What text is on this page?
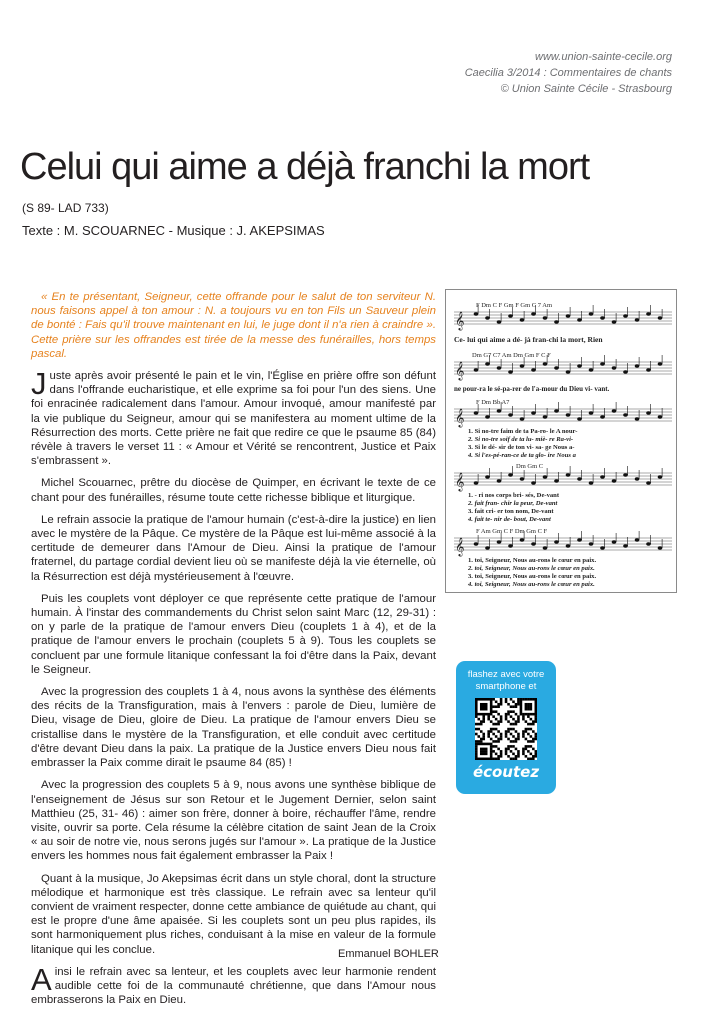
www.union-sainte-cecile.org
Caecilia 3/2014 : Commentaires de chants
© Union Sainte Cécile - Strasbourg
Celui qui aime a déjà franchi la mort
(S 89- LAD 733)
Texte : M. SCOUARNEC - Musique : J. AKEPSIMAS

« En te présentant, Seigneur, cette offrande pour le salut de ton serviteur N. nous faisons appel à ton amour : N. a toujours vu en ton Fils un Sauveur plein de bonté : Fais qu'il trouve maintenant en lui, le juge dont il n'a rien à craindre ». Cette prière sur les offrandes est tirée de la messe des funérailles, hors temps pascal.

Juste après avoir présenté le pain et le vin, l'Église en prière offre son défunt dans l'offrande eucharistique, et elle exprime sa foi pour l'un des siens. Une foi enracinée radicalement dans l'amour. Amour invoqué, amour manifesté par la vie publique du Seigneur, amour qui se manifestera au moment ultime de la Résurrection des morts. Cette prière ne fait que redire ce que le psaume 85 (84) révèle à travers le verset 11 : « Amour et Vérité se rencontrent, Justice et Paix s'embrassent ».

Michel Scouarnec, prêtre du diocèse de Quimper, en écrivant le texte de ce chant pour des funérailles, résume toute cette richesse biblique et liturgique.

Le refrain associe la pratique de l'amour humain (c'est-à-dire la justice) en lien avec le mystère de la Pâque. Ce mystère de la Pâque est lui-même associé à la certitude de demeurer dans l'Amour de Dieu. Ainsi la pratique de l'amour fraternel, du partage cordial devient lieu où se manifeste déjà la vie éternelle, où la Résurrection est déjà mystérieusement à l'œuvre.

Puis les couplets vont déployer ce que représente cette pratique de l'amour humain. À l'instar des commandements du Christ selon saint Marc (12, 29-31) : on y parle de la pratique de l'amour envers Dieu (couplets 1 à 4), et de la pratique de l'amour envers le prochain (couplets 5 à 9). Tous les couplets se concluent par une formule litanique confessant la foi d'être dans la Paix, devant le Seigneur.

Avec la progression des couplets 1 à 4, nous avons la synthèse des éléments des récits de la Transfiguration, mais à l'envers : parole de Dieu, lumière de Dieu, visage de Dieu, gloire de Dieu. La pratique de l'amour envers Dieu se cristallise dans le mystère de la Transfiguration, et elle conduit avec certitude d'être devant Dieu dans la paix. La pratique de la Justice envers Dieu nous fait embrasser la Paix comme dirait le psaume 84 (85) !

Avec la progression des couplets 5 à 9, nous avons une synthèse biblique de l'enseignement de Jésus sur son Retour et le Jugement Dernier, selon saint Matthieu (25, 31- 46) : aimer son frère, donner à boire, réchauffer l'âme, rendre visite, ouvrir sa porte. Cela résume la célèbre citation de saint Jean de la Croix « au soir de notre vie, nous serons jugés sur l'amour ». La pratique de la Justice envers les hommes nous fait également embrasser la Paix !

Quant à la musique, Jo Akepsimas écrit dans un style choral, dont la structure mélodique et harmonique est très classique. Le refrain avec sa lenteur qu'il convient de vraiment respecter, donne cette ambiance de quiétude au chant, qui est le propre d'une âme apaisée. Si les couplets sont un peu plus rapides, ils sont harmoniquement plus riches, conduisant à la mise en valeur de la formule litanique qui les conclue.

Ainsi le refrain avec sa lenteur, et les couplets avec leur harmonie rendent audible cette foi de la communauté chrétienne, que dans l'Amour nous embrasserons la Paix en Dieu.

Emmanuel BOHLER
F Dm C F Gm F Gm C 7 Am
𝄞
Ce- lui qui aime a dé- jà fran-chi la mort, Rien
Dm G7 C7 Am Dm Gm F C F
𝄞
ne pour-ra le sé-pa-rer de l'a-mour du Dieu vi- vant.
F Dm Bb A7
𝄞
1. Si no-tre faim de ta Pa-ro- le A nour-
2. Si no-tre soif de ta lu- miè- re Ra-vi-
3. Si le dé- sir de ton vi- sa- ge Nous a-
4. Si l'es-pé-ran-ce de ta glo- ire Nous a
Dm Gm C
𝄞
1. - ri nos corps bri- sés, De-vant
2. fait fran- chir la peur, De-vant
3. fait cri- er ton nom, De-vant
4. fait te- nir de- bout, De-vant
F Am Gm C F Dm Gm C F
𝄞
1. toi, Seigneur, Nous au-rons le cœur en paix.
2. toi, Seigneur, Nous au-rons le cœur en paix.
3. toi, Seigneur, Nous au-rons le cœur en paix.
4. toi, Seigneur, Nous au-rons le cœur en paix.
flashez avec votre smartphone et
écoutez
